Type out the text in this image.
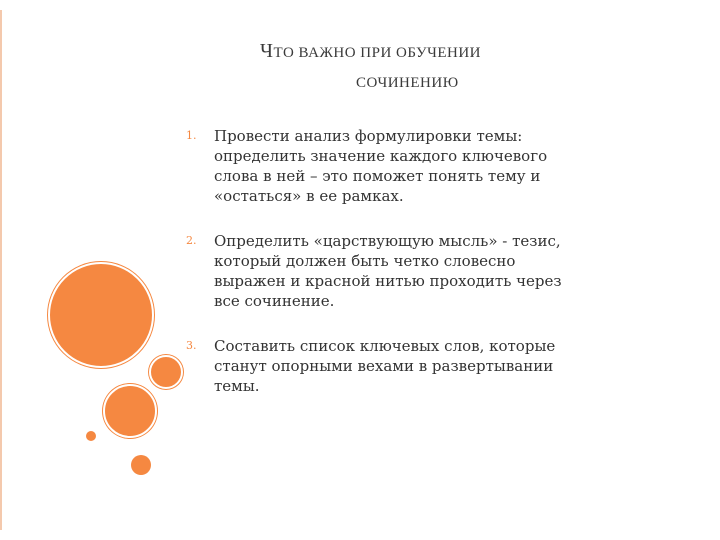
ЧТО ВАЖНО ПРИ ОБУЧЕНИИ
СОЧИНЕНИЮ
1. Провести анализ формулировки темы:
определить значение каждого ключевого
слова в ней – это поможет понять тему и
«остаться» в ее рамках.
2. Определить «царствующую мысль» - тезис,
который должен быть четко словесно
выражен и красной нитью проходить через
все сочинение.
3. Составить список ключевых слов, которые
станут опорными вехами в развертывании
темы.
